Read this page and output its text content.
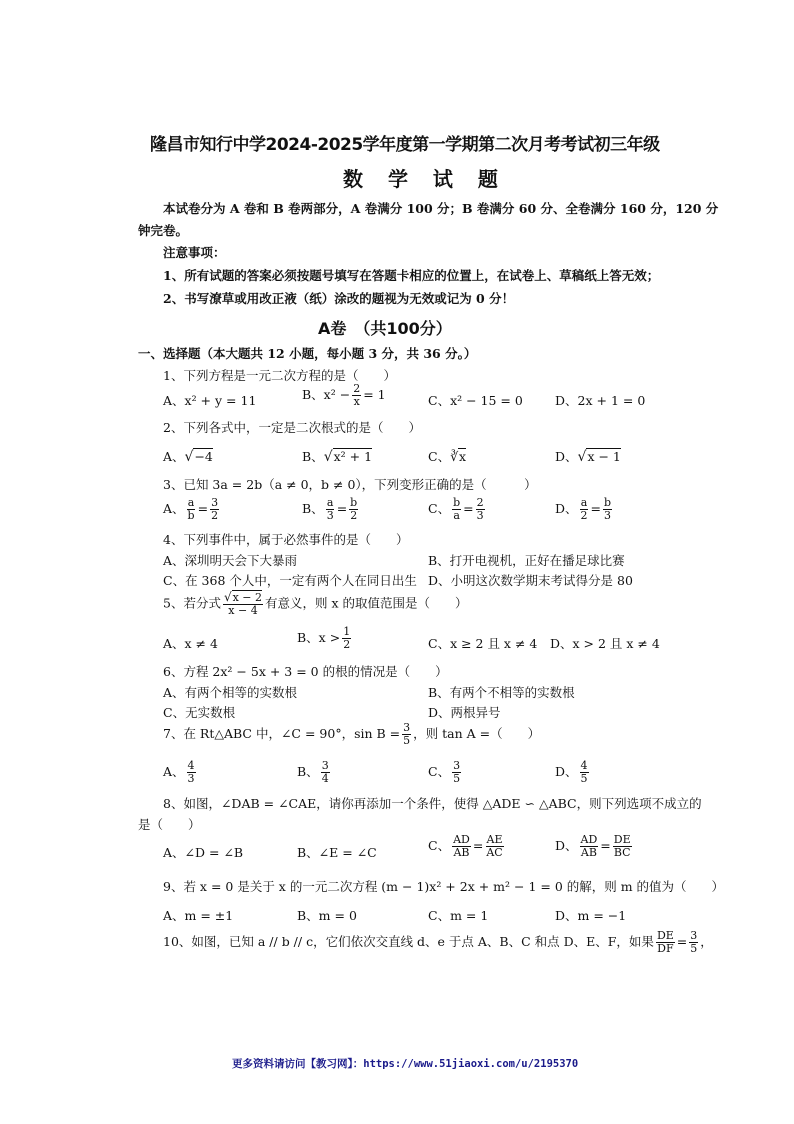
隆昌市知行中学2024-2025学年度第一学期第二次月考考试初三年级
数 学 试 题
本试卷分为 A 卷和 B 卷两部分，A 卷满分 100 分；B 卷满分 60 分、全卷满分 160 分，120 分
钟完卷。
注意事项：
1、所有试题的答案必须按题号填写在答题卡相应的位置上，在试卷上、草稿纸上答无效；
2、书写潦草或用改正液（纸）涂改的题视为无效或记为 0 分！
A卷　（共100分）
一、选择题（本大题共 12 小题，每小题 3 分，共 36 分。）
1、下列方程是一元二次方程的是（　　）
A、x² + y = 11	B、$x^2 - \frac{2}{x} = 1$	C、x² − 15 = 0	D、2x + 1 = 0
2、下列各式中，一定是二次根式的是（　　）
A、√−4	B、√x² + 1	C、∛x	D、√x − 1
3、已知 3a = 2b（a ≠ 0，b ≠ 0），下列变形正确的是（　　　）
A、 $\frac{a}{b} = \frac{3}{2}$	B、 $\frac{a}{3} = \frac{b}{2}$	C、 $\frac{b}{a} = \frac{2}{3}$	D、 $\frac{a}{2} = \frac{b}{3}$
4、下列事件中，属于必然事件的是（　　）
A、深圳明天会下大暴雨	B、打开电视机，正好在播足球比赛
C、在 368 个人中，一定有两个人在同日出生 D、小明这次数学期末考试得分是 80
5、若分式 $\frac{√x - 2}{x - 4}$ 有意义，则 x 的取值范围是（　　）
A、x ≠ 4	B、$x > \frac{1}{2}$	C、x ≥ 2 且 x ≠ 4 D、x > 2 且 x ≠ 4
6、方程 2x² − 5x + 3 = 0 的根的情况是（　　）
A、有两个相等的实数根	B、有两个不相等的实数根
C、无实数根	D、两根异号
7、在 Rt△ABC 中，∠C = 90°，$\sin B = \frac{3}{5}$ ，则 tan A =（　　）
A、 $\frac{4}{3}$	B、 $\frac{3}{4}$	C、 $\frac{3}{5}$	D、 $\frac{4}{5}$
8、如图，∠DAB = ∠CAE，请你再添加一个条件，使得 △ADE ∽ △ABC，则下列选项不成立的
是（　　）
A、∠D = ∠B	B、∠E = ∠C	C、 $\frac{AD}{AB} = \frac{AE}{AC}$	D、 $\frac{AD}{AB} = \frac{DE}{BC}$
9、若 x = 0 是关于 x 的一元二次方程 (m − 1)x² + 2x + m² − 1 = 0 的解，则 m 的值为（　　）
A、m = ±1	B、m = 0	C、m = 1	D、m = −1
10、如图，已知 a // b // c，它们依次交直线 d、e 于点 A、B、C 和点 D、E、F，如果 $\frac{DE}{DF} = \frac{3}{5}$ ，
更多资料请访问【教习网】：https://www.51jiaoxi.com/u/2195370
